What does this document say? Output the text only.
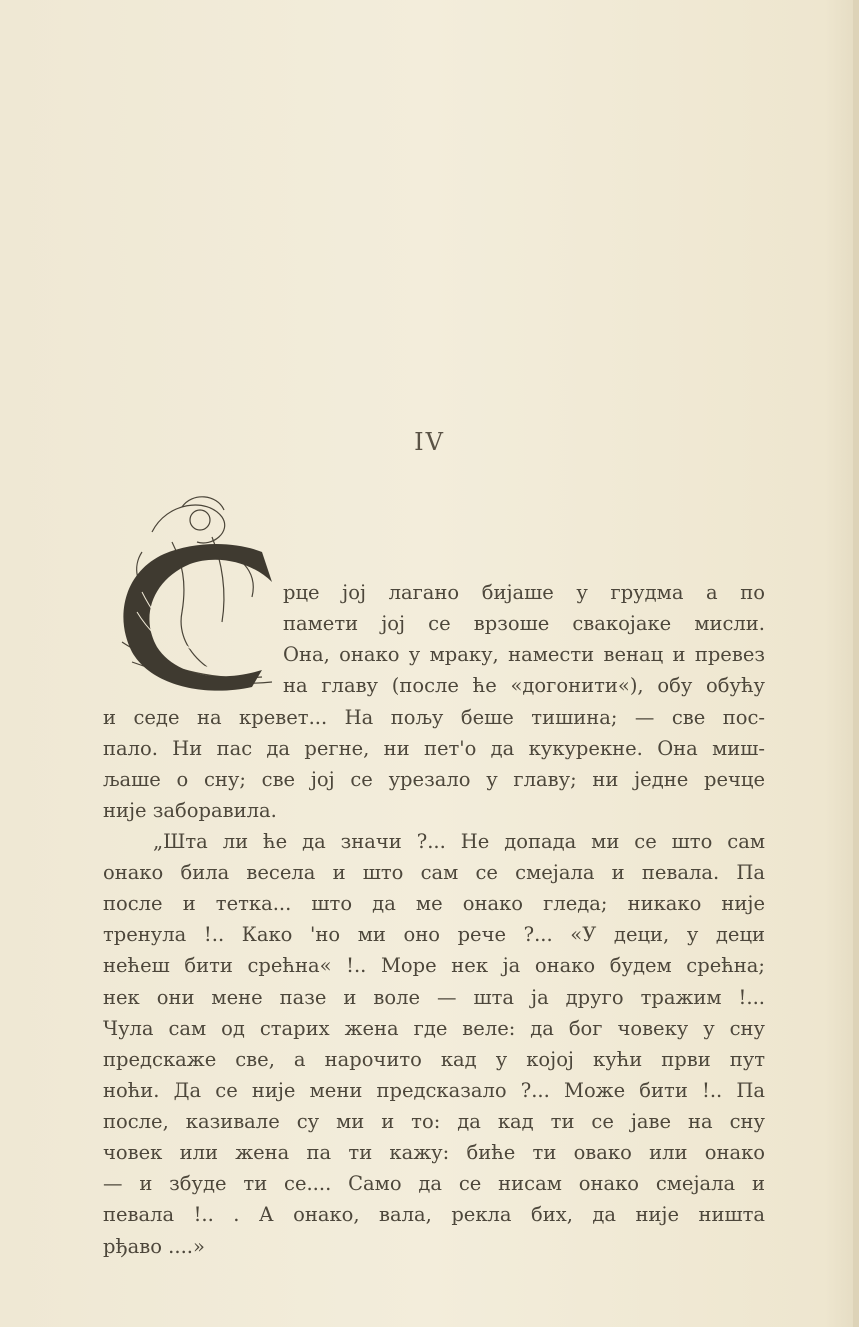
IV
рце јој лагано бијаше у грудма а по
памети јој се врзоше свакојаке мисли.
Она, онако у мраку, намести венац и превез
на главу (после ће «догонити«), обу обућу
и седе на кревет... На пољу беше тишина; — све пос-
пало. Ни пас да регне, ни пет'о да кукурекне. Она миш-
љаше о сну; све јој се урезало у главу; ни једне речце
није заборавила.
„Шта ли ће да значи ?... Не допада ми се што сам
онако била весела и што сам се смејала и певала. Па
после и тетка... што да ме онако гледа; никако није
тренула !.. Како 'но ми оно рече ?... «У деци, у деци
нећеш бити срећна« !.. Море нек ја онако будем срећна;
нек они мене пазе и воле — шта ја друго тражим !...
Чула сам од старих жена где веле: да бог човеку у сну
предскаже све, а нарочито кад у којој кући први пут
ноћи. Да се није мени предсказало ?... Може бити !.. Па
после, казивале су ми и то: да кад ти се јаве на сну
човек или жена па ти кажу: биће ти овако или онако
— и збуде ти се.... Само да се нисам онако смејала и
певала !.. . А онако, вала, рекла бих, да није ништа
рђаво ....»
